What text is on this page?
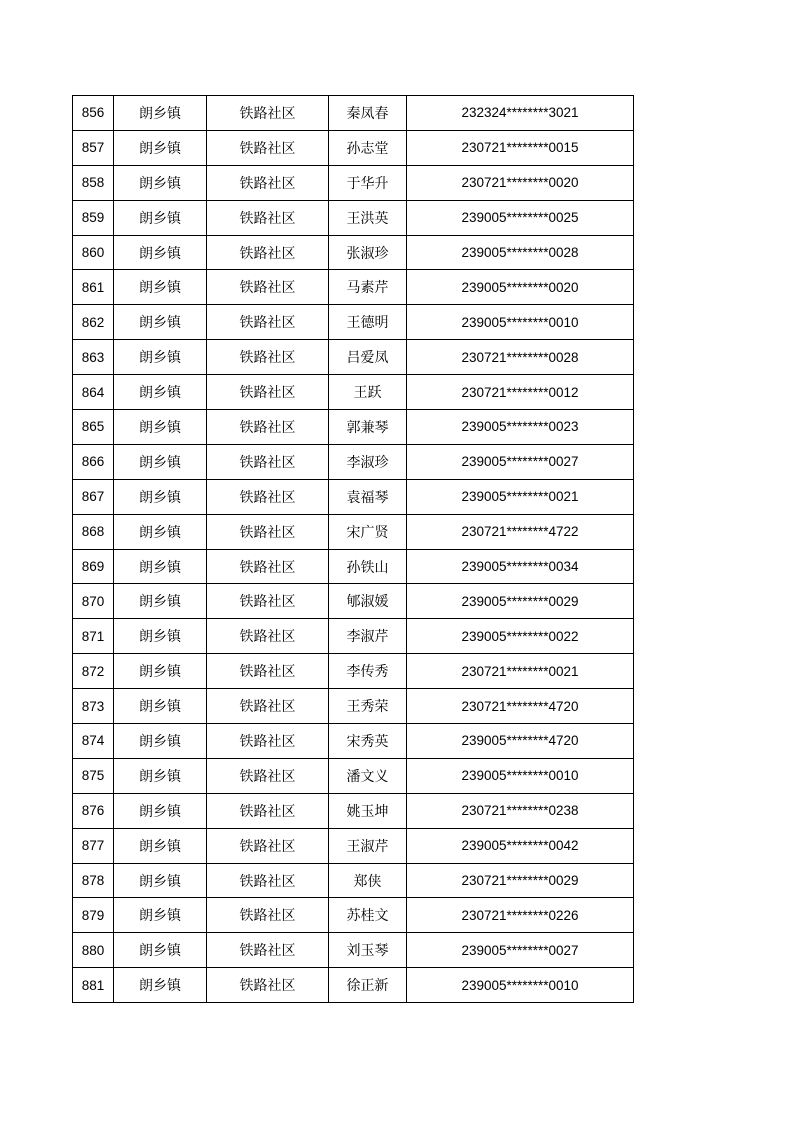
856	朗乡镇	铁路社区	秦凤春	232324********3021
857	朗乡镇	铁路社区	孙志堂	230721********0015
858	朗乡镇	铁路社区	于华升	230721********0020
859	朗乡镇	铁路社区	王洪英	239005********0025
860	朗乡镇	铁路社区	张淑珍	239005********0028
861	朗乡镇	铁路社区	马素芹	239005********0020
862	朗乡镇	铁路社区	王德明	239005********0010
863	朗乡镇	铁路社区	吕爱凤	230721********0028
864	朗乡镇	铁路社区	王跃	230721********0012
865	朗乡镇	铁路社区	郭兼琴	239005********0023
866	朗乡镇	铁路社区	李淑珍	239005********0027
867	朗乡镇	铁路社区	袁福琴	239005********0021
868	朗乡镇	铁路社区	宋广贤	230721********4722
869	朗乡镇	铁路社区	孙铁山	239005********0034
870	朗乡镇	铁路社区	郇淑媛	239005********0029
871	朗乡镇	铁路社区	李淑芹	239005********0022
872	朗乡镇	铁路社区	李传秀	230721********0021
873	朗乡镇	铁路社区	王秀荣	230721********4720
874	朗乡镇	铁路社区	宋秀英	239005********4720
875	朗乡镇	铁路社区	潘文义	239005********0010
876	朗乡镇	铁路社区	姚玉坤	230721********0238
877	朗乡镇	铁路社区	王淑芹	239005********0042
878	朗乡镇	铁路社区	郑侠	230721********0029
879	朗乡镇	铁路社区	苏桂文	230721********0226
880	朗乡镇	铁路社区	刘玉琴	239005********0027
881	朗乡镇	铁路社区	徐正新	239005********0010
